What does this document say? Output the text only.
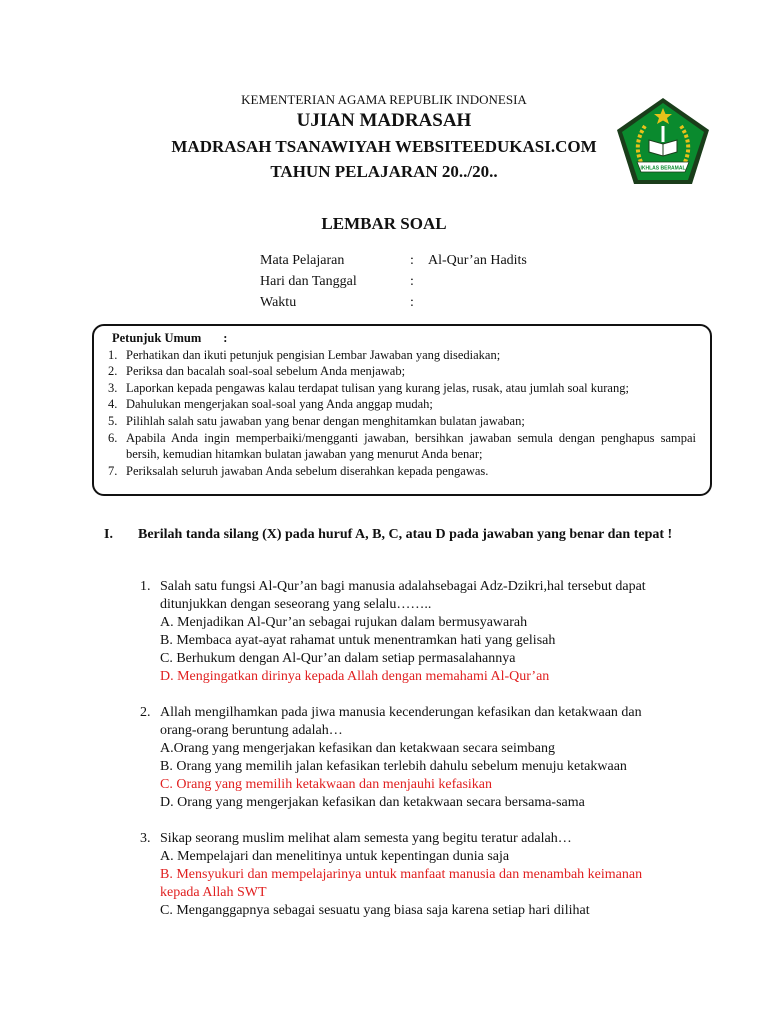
KEMENTERIAN AGAMA REPUBLIK INDONESIA
UJIAN MADRASAH
MADRASAH TSANAWIYAH WEBSITEEDUKASI.COM
TAHUN PELAJARAN 20../20..	IKHLAS BERAMAL
LEMBAR SOAL
Mata Pelajaran	: Al-Qur’an Hadits
Hari dan Tanggal	:
Waktu	:
Petunjuk Umum :
1. Perhatikan dan ikuti petunjuk pengisian Lembar Jawaban yang disediakan;
2. Periksa dan bacalah soal-soal sebelum Anda menjawab;
3. Laporkan kepada pengawas kalau terdapat tulisan yang kurang jelas, rusak, atau jumlah soal kurang;
4. Dahulukan mengerjakan soal-soal yang Anda anggap mudah;
5. Pilihlah salah satu jawaban yang benar dengan menghitamkan bulatan jawaban;
6. Apabila Anda ingin memperbaiki/mengganti jawaban, bersihkan jawaban semula dengan penghapus sampai bersih, kemudian hitamkan bulatan jawaban yang menurut Anda benar;
7. Periksalah seluruh jawaban Anda sebelum diserahkan kepada pengawas.
I. Berilah tanda silang (X) pada huruf A, B, C, atau D pada jawaban yang benar dan tepat !
1. Salah satu fungsi Al-Qur’an bagi manusia adalahsebagai Adz-Dzikri,hal tersebut dapat ditunjukkan dengan seseorang yang selalu……..
A. Menjadikan Al-Qur’an sebagai rujukan dalam bermusyawarah
B. Membaca ayat-ayat rahamat untuk menentramkan hati yang gelisah
C. Berhukum dengan Al-Qur’an dalam setiap permasalahannya
D. Mengingatkan dirinya kepada Allah dengan memahami Al-Qur’an
2. Allah mengilhamkan pada jiwa manusia kecenderungan kefasikan dan ketakwaan dan orang-orang beruntung adalah…
A.Orang yang mengerjakan kefasikan dan ketakwaan secara seimbang
B. Orang yang memilih jalan kefasikan terlebih dahulu sebelum menuju ketakwaan
C. Orang yang memilih ketakwaan dan menjauhi kefasikan
D. Orang yang mengerjakan kefasikan dan ketakwaan secara bersama-sama
3. Sikap seorang muslim melihat alam semesta yang begitu teratur adalah…
A. Mempelajari dan menelitinya untuk kepentingan dunia saja
B. Mensyukuri dan mempelajarinya untuk manfaat manusia dan menambah keimanan kepada Allah SWT
C. Menganggapnya sebagai sesuatu yang biasa saja karena setiap hari dilihat
